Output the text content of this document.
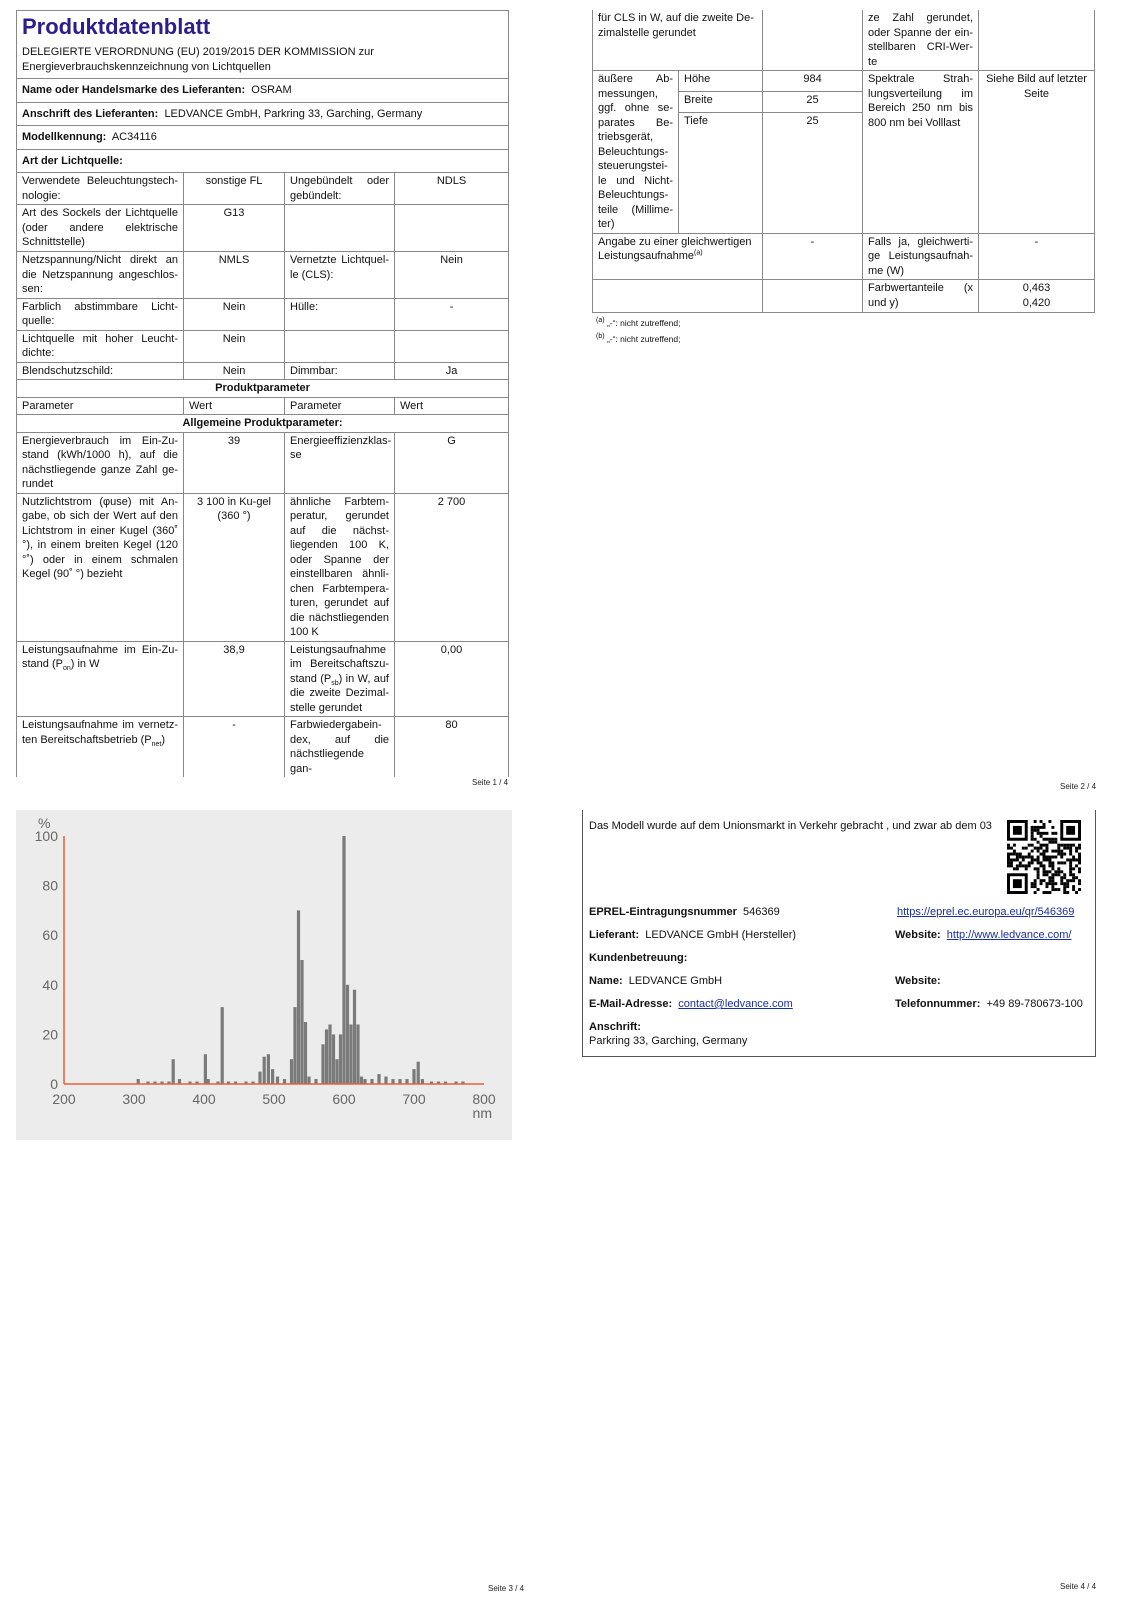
Produktdatenblatt
DELEGIERTE VERORDNUNG (EU) 2019/2015 DER KOMMISSION zur Energieverbrauchskennzeichnung von Lichtquellen			

Name oder Handelsmarke des Lieferanten: OSRAM			
Anschrift des Lieferanten: LEDVANCE GmbH, Parkring 33, Garching, Germany			
Modellkennung: AC34116			
Art der Lichtquelle:			
Verwendete Beleuchtungstech-nologie:	sonstige FL	Ungebündelt oder gebündelt:	NDLS
Art des Sockels der Lichtquelle (oder andere elektrische Schnittstelle)	G13		
Netzspannung/Nicht direkt an die Netzspannung angeschlos-sen:	NMLS	Vernetzte Lichtquel-le (CLS):	Nein
Farblich abstimmbare Licht-quelle:	Nein	Hülle:	-
Lichtquelle mit hoher Leucht-dichte:	Nein		
Blendschutzschild:	Nein	Dimmbar:	Ja
Produktparameter			
Parameter	Wert	Parameter	Wert
Allgemeine Produktparameter:			
Energieverbrauch im Ein-Zu-stand (kWh/1000 h), auf die nächstliegende ganze Zahl ge-rundet	39	Energieeffizienzklas-se	G
Nutzlichtstrom (φuse) mit An-gabe, ob sich der Wert auf den Lichtstrom in einer Kugel (360˚ °), in einem breiten Kegel (120 °˚) oder in einem schmalen Kegel (90˚ °) bezieht	3 100 in Ku-gel (360 °)	ähnliche Farbtem-peratur, gerundet auf die nächst-liegenden 100 K, oder Spanne der einstellbaren ähnli-chen Farbtempera-turen, gerundet auf die nächstliegenden 100 K	2 700
Leistungsaufnahme im Ein-Zu-stand $(P_{on})$ in W	38,9	Leistungsaufnahme im Bereitschaftszu-stand $(P_{sb})$ in W, auf die zweite Dezimal-stelle gerundet	0,00
Leistungsaufnahme im vernetz-ten Bereitschaftsbetrieb $(P_{net})$	-	Farbwiedergabein-dex, auf die nächstliegende gan-	80
Seite 1 / 4
für CLS in W, auf die zweite De-zimalstelle gerundet			ze Zahl gerundet, oder Spanne der ein-stellbaren CRI-Wer-te	
äußere Ab-messungen, ggf. ohne se-parates Be-triebsgerät, Beleuchtungs-steuerungstei-le und Nicht-Beleuchtungs-teile (Millime-ter)	Höhe	984	Spektrale Strah-lungsverteilung im Bereich 250 nm bis 800 nm bei Volllast	Siehe Bild auf letzter Seite
	Breite	25		
	Tiefe	25		
Angabe zu einer gleichwertigen Leistungsaufnahme$^{(a)}$		-	Falls ja, gleichwerti-ge Leistungsaufnah-me (W)	-
			Farbwertanteile (x und y)	0,463
0,420
$^{(a)}$ „-“: nicht zutreffend;
$^{(b)}$ „-“: nicht zutreffend;
Seite 2 / 4
%
0
20
40
60
80
100
200	300	400	500	600	700	800
nm
Seite 3 / 4
Das Modell wurde auf dem Unionsmarkt in Verkehr gebracht , und zwar ab dem 03
EPREL-Eintragungsnummer 546369	https://eprel.ec.europa.eu/qr/546369
Lieferant: LEDVANCE GmbH (Hersteller)	Website: http://www.ledvance.com/
Kundenbetreuung:
Name: LEDVANCE GmbH	Website:
E-Mail-Adresse: contact@ledvance.com	Telefonnummer: +49 89-780673-100
Anschrift:
Parkring 33, Garching, Germany
Seite 4 / 4
